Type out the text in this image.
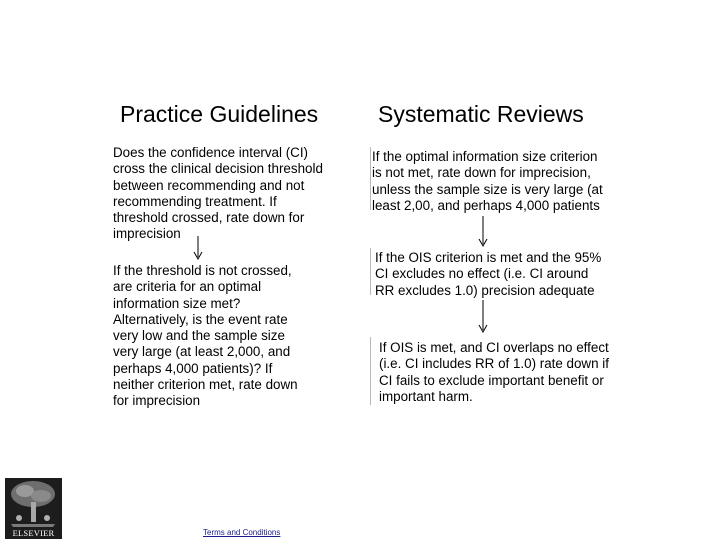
Practice Guidelines	Systematic Reviews
Does the confidence interval (CI)
cross the clinical decision threshold
between recommending and not
recommending treatment. If
threshold crossed, rate down for
imprecision
If the threshold is not crossed,
are criteria for an optimal
information size met?
Alternatively, is the event rate
very low and the sample size
very large (at least 2,000, and
perhaps 4,000 patients)? If
neither criterion met, rate down
for imprecision
If the optimal information size criterion
is not met, rate down for imprecision,
unless the sample size is very large (at
least 2,00, and perhaps 4,000 patients
If the OIS criterion is met and the 95%
CI excludes no effect (i.e. CI around
RR excludes 1.0) precision adequate
If OIS is met, and CI overlaps no effect
(i.e. CI includes RR of 1.0) rate down if
CI fails to exclude important benefit or
important harm.
ELSEVIER	Terms and Conditions
